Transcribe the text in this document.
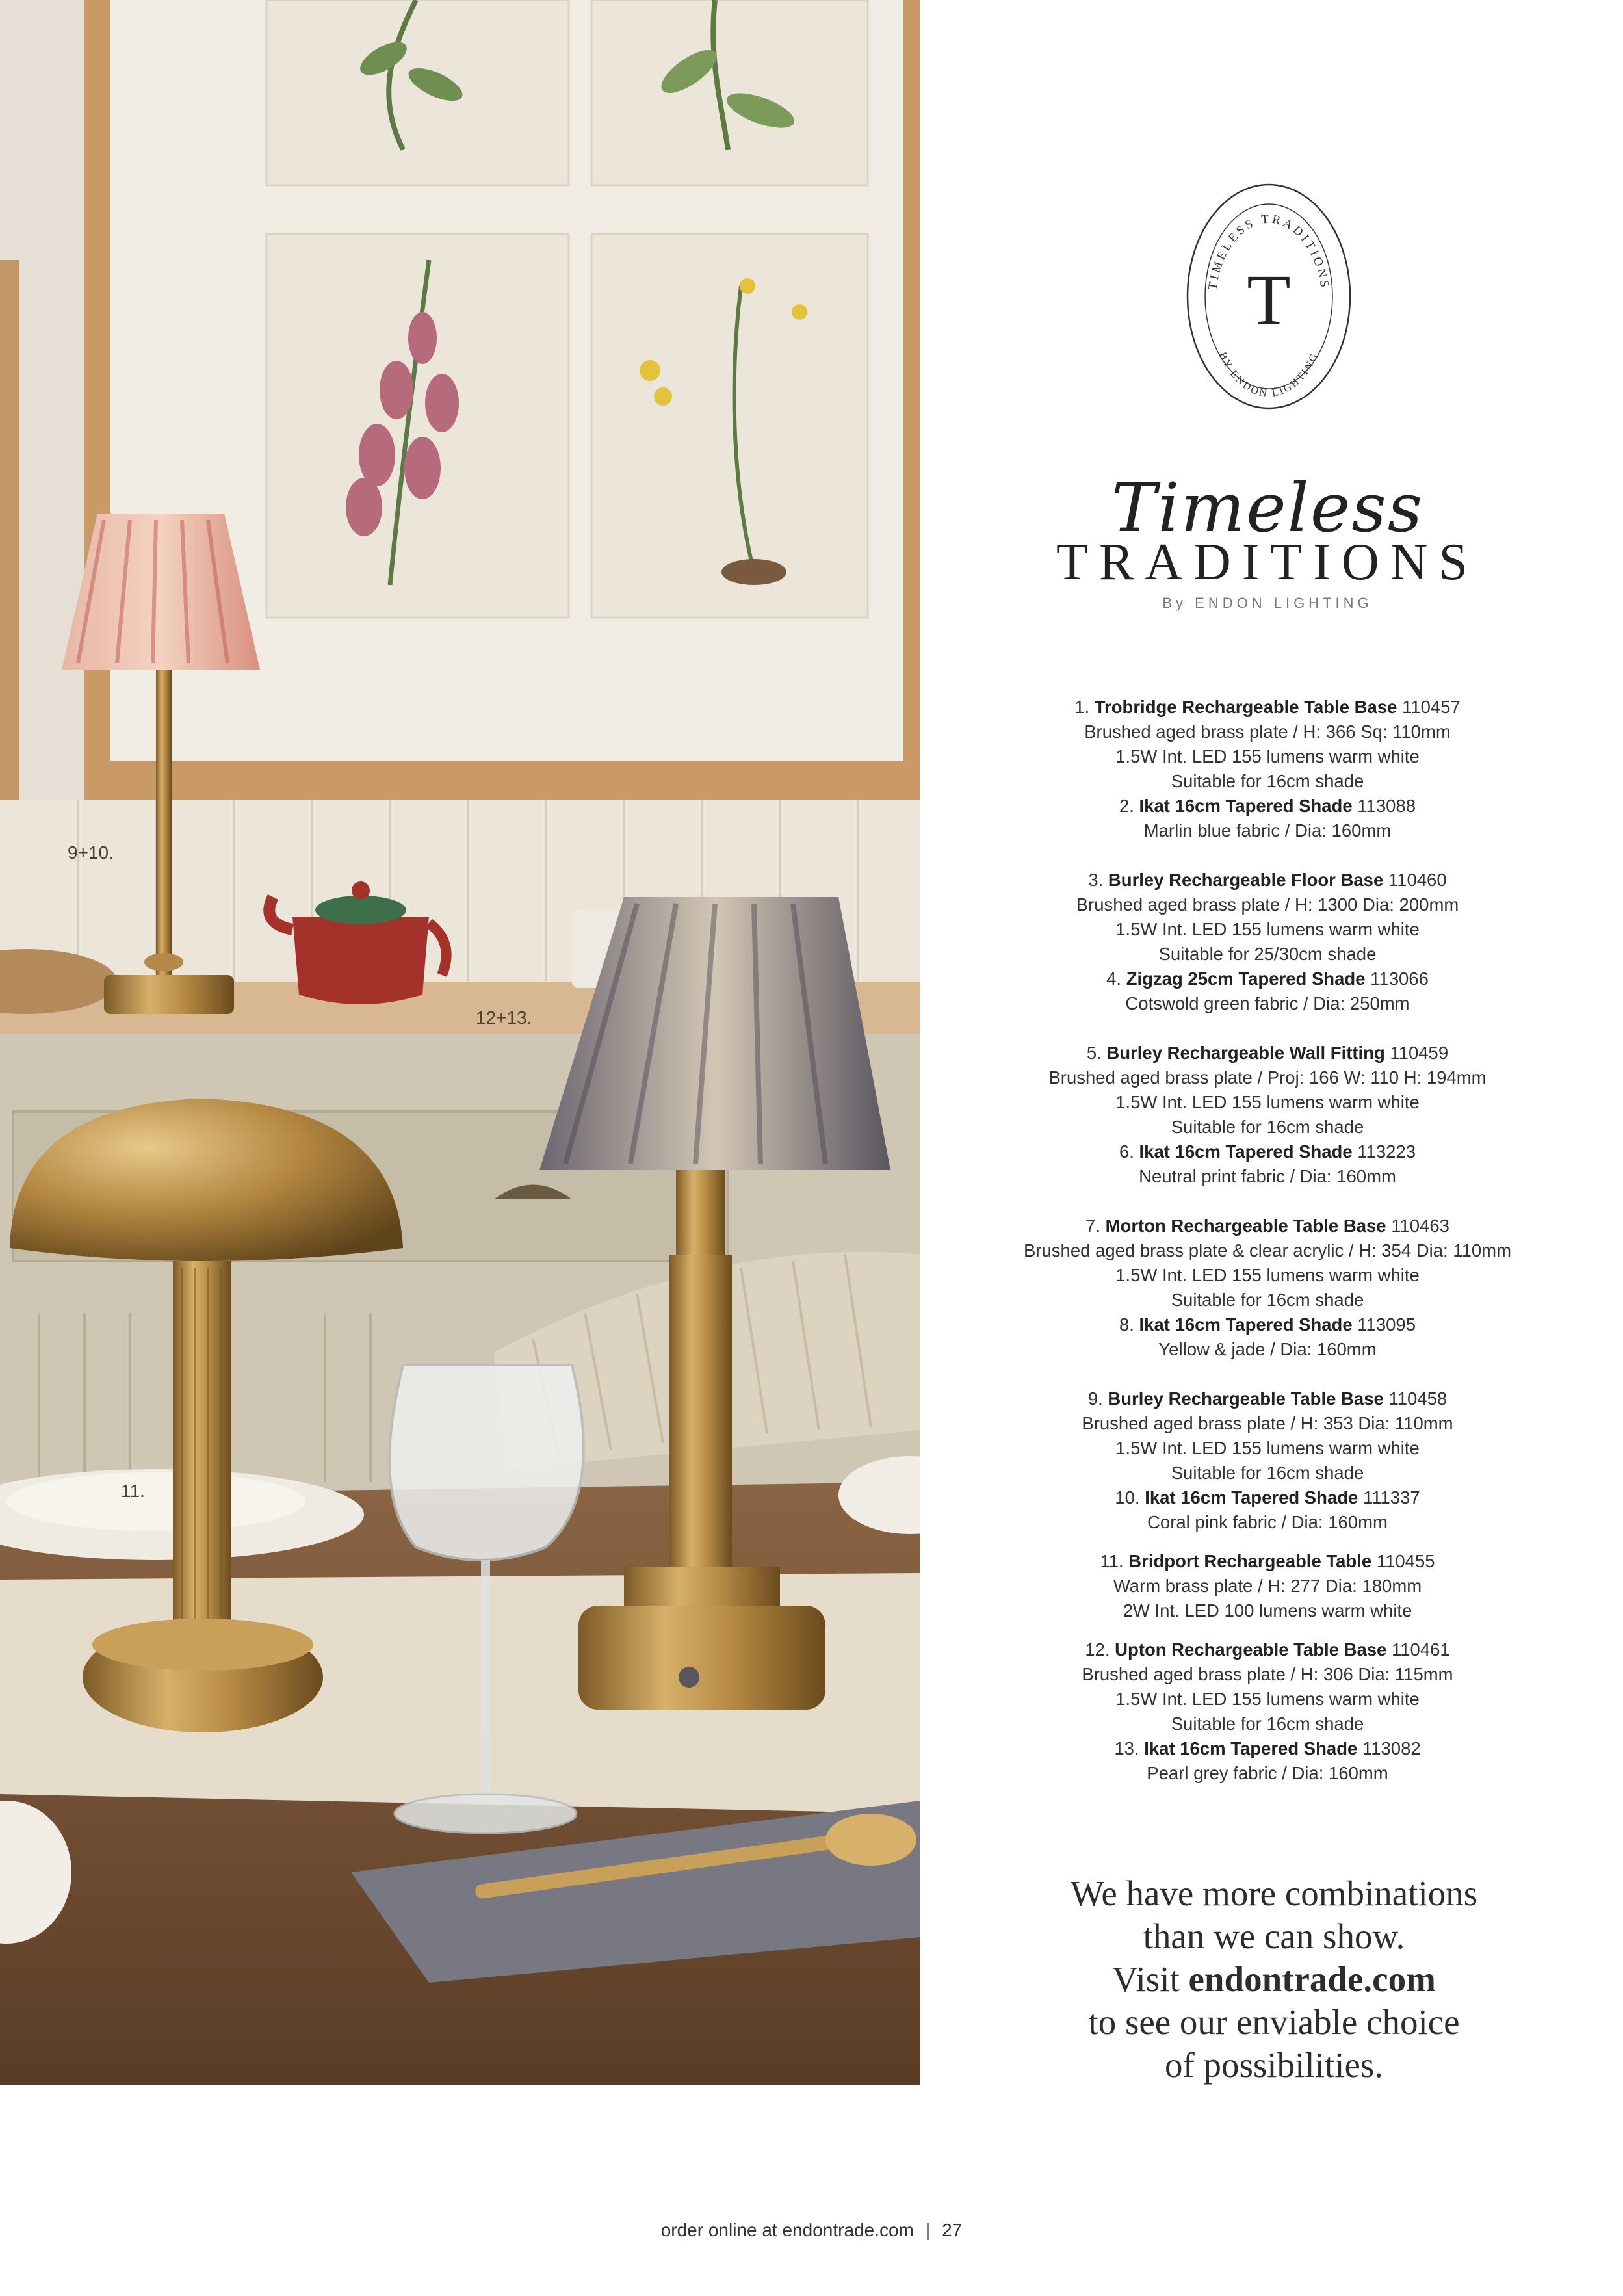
9+10.
12+13.
11.
TIMELESS TRADITIONS
BY ENDON LIGHTING
T
Timeless
TRADITIONS
By ENDON LIGHTING
1. Trobridge Rechargeable Table Base 110457
Brushed aged brass plate / H: 366 Sq: 110mm
1.5W Int. LED 155 lumens warm white
Suitable for 16cm shade
2. Ikat 16cm Tapered Shade 113088
Marlin blue fabric / Dia: 160mm
3. Burley Rechargeable Floor Base 110460
Brushed aged brass plate / H: 1300 Dia: 200mm
1.5W Int. LED 155 lumens warm white
Suitable for 25/30cm shade
4. Zigzag 25cm Tapered Shade 113066
Cotswold green fabric / Dia: 250mm
5. Burley Rechargeable Wall Fitting 110459
Brushed aged brass plate / Proj: 166 W: 110 H: 194mm
1.5W Int. LED 155 lumens warm white
Suitable for 16cm shade
6. Ikat 16cm Tapered Shade 113223
Neutral print fabric / Dia: 160mm
7. Morton Rechargeable Table Base 110463
Brushed aged brass plate & clear acrylic / H: 354 Dia: 110mm
1.5W Int. LED 155 lumens warm white
Suitable for 16cm shade
8. Ikat 16cm Tapered Shade 113095
Yellow & jade / Dia: 160mm
9. Burley Rechargeable Table Base 110458
Brushed aged brass plate / H: 353 Dia: 110mm
1.5W Int. LED 155 lumens warm white
Suitable for 16cm shade
10. Ikat 16cm Tapered Shade 111337
Coral pink fabric / Dia: 160mm
11. Bridport Rechargeable Table 110455
Warm brass plate / H: 277 Dia: 180mm
2W Int. LED 100 lumens warm white
12. Upton Rechargeable Table Base 110461
Brushed aged brass plate / H: 306 Dia: 115mm
1.5W Int. LED 155 lumens warm white
Suitable for 16cm shade
13. Ikat 16cm Tapered Shade 113082
Pearl grey fabric / Dia: 160mm
We have more combinations
than we can show.
Visit endontrade.com
to see our enviable choice
of possibilities.
order online at endontrade.com | 27
